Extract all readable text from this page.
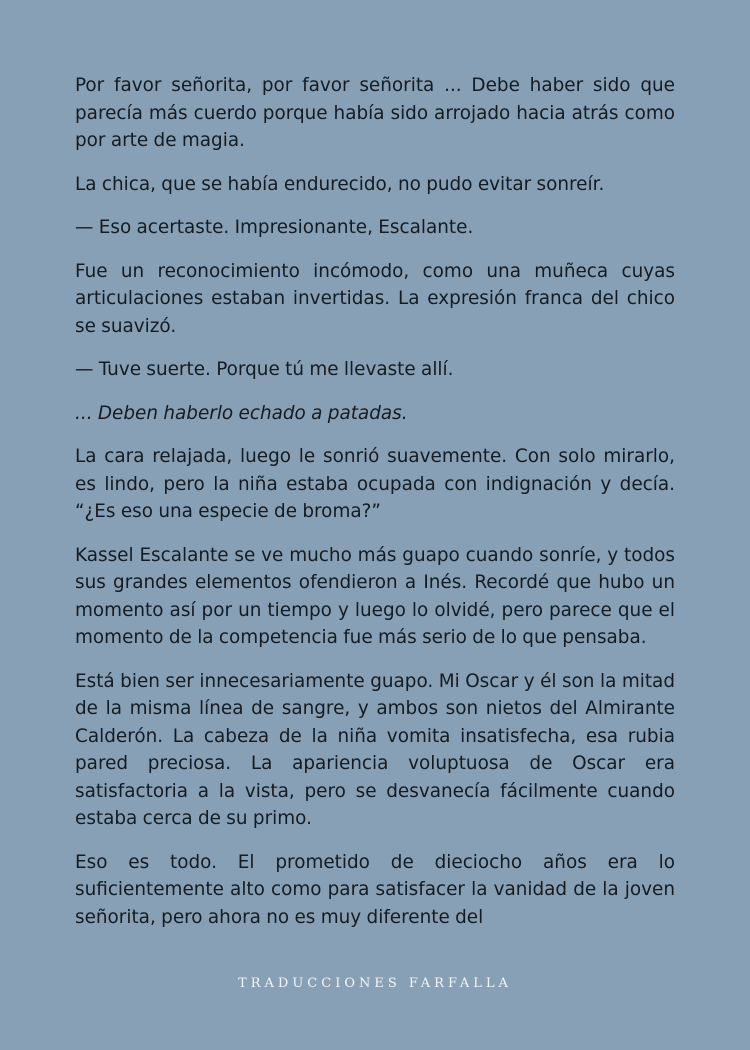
Por favor señorita, por favor señorita ... Debe haber sido que parecía más cuerdo porque había sido arrojado hacia atrás como por arte de magia.

La chica, que se había endurecido, no pudo evitar sonreír.

— Eso acertaste. Impresionante, Escalante.

Fue un reconocimiento incómodo, como una muñeca cuyas articulaciones estaban invertidas. La expresión franca del chico se suavizó.

— Tuve suerte. Porque tú me llevaste allí.

... Deben haberlo echado a patadas.

La cara relajada, luego le sonrió suavemente. Con solo mirarlo, es lindo, pero la niña estaba ocupada con indignación y decía. “¿Es eso una especie de broma?”

Kassel Escalante se ve mucho más guapo cuando sonríe, y todos sus grandes elementos ofendieron a Inés. Recordé que hubo un momento así por un tiempo y luego lo olvidé, pero parece que el momento de la competencia fue más serio de lo que pensaba.

Está bien ser innecesariamente guapo. Mi Oscar y él son la mitad de la misma línea de sangre, y ambos son nietos del Almirante Calderón. La cabeza de la niña vomita insatisfecha, esa rubia pared preciosa. La apariencia voluptuosa de Oscar era satisfactoria a la vista, pero se desvanecía fácilmente cuando estaba cerca de su primo.

Eso es todo. El prometido de dieciocho años era lo suficientemente alto como para satisfacer la vanidad de la joven señorita, pero ahora no es muy diferente del

TRADUCCIONES FARFALLA
